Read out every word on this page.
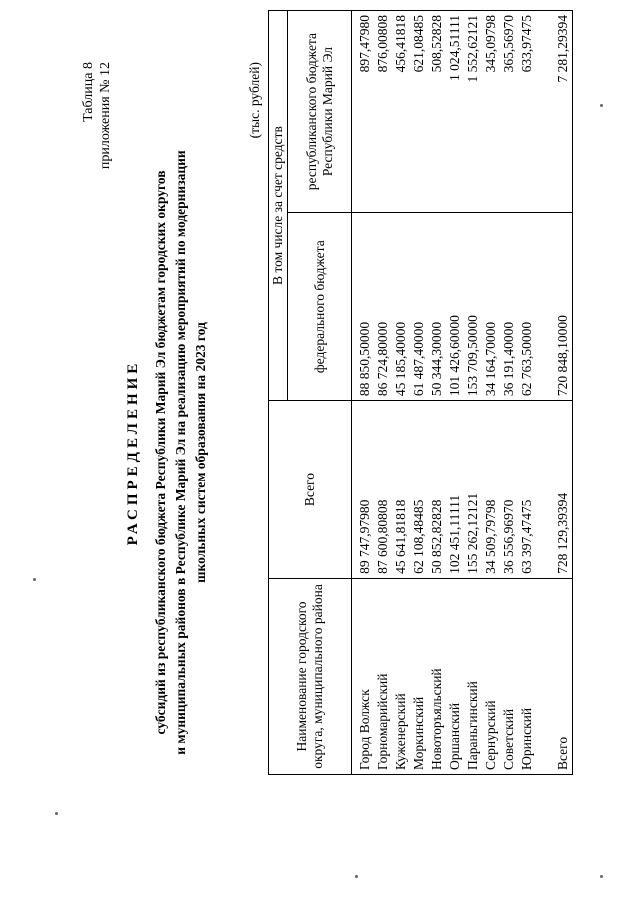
Таблица 8 приложения № 12
РАСПРЕДЕЛЕНИЕ субсидий из республиканского бюджета Республики Марий Эл бюджетам городских округов и муниципальных районов в Республике Марий Эл на реализацию мероприятий по модернизации школьных систем образования на 2023 год
(тыс. рублей)
Наименование городского округа, муниципального района	Всего	В том числе за счет средств	
		федерального бюджета	республиканского бюджета Республики Марий Эл
Город Волжск	89 747,97980	88 850,50000	897,47980
Горномарийский	87 600,80808	86 724,80000	876,00808
Куженерский	45 641,81818	45 185,40000	456,41818
Моркинский	62 108,48485	61 487,40000	621,08485
Новоторъяльский	50 852,82828	50 344,30000	508,52828
Оршанский	102 451,11111	101 426,60000	1 024,51111
Параньгинский	155 262,12121	153 709,50000	1 552,62121
Сернурский	34 509,79798	34 164,70000	345,09798
Советский	36 556,96970	36 191,40000	365,56970
Юринский	63 397,47475	62 763,50000	633,97475
Всего	728 129,39394	720 848,10000	7 281,29394
